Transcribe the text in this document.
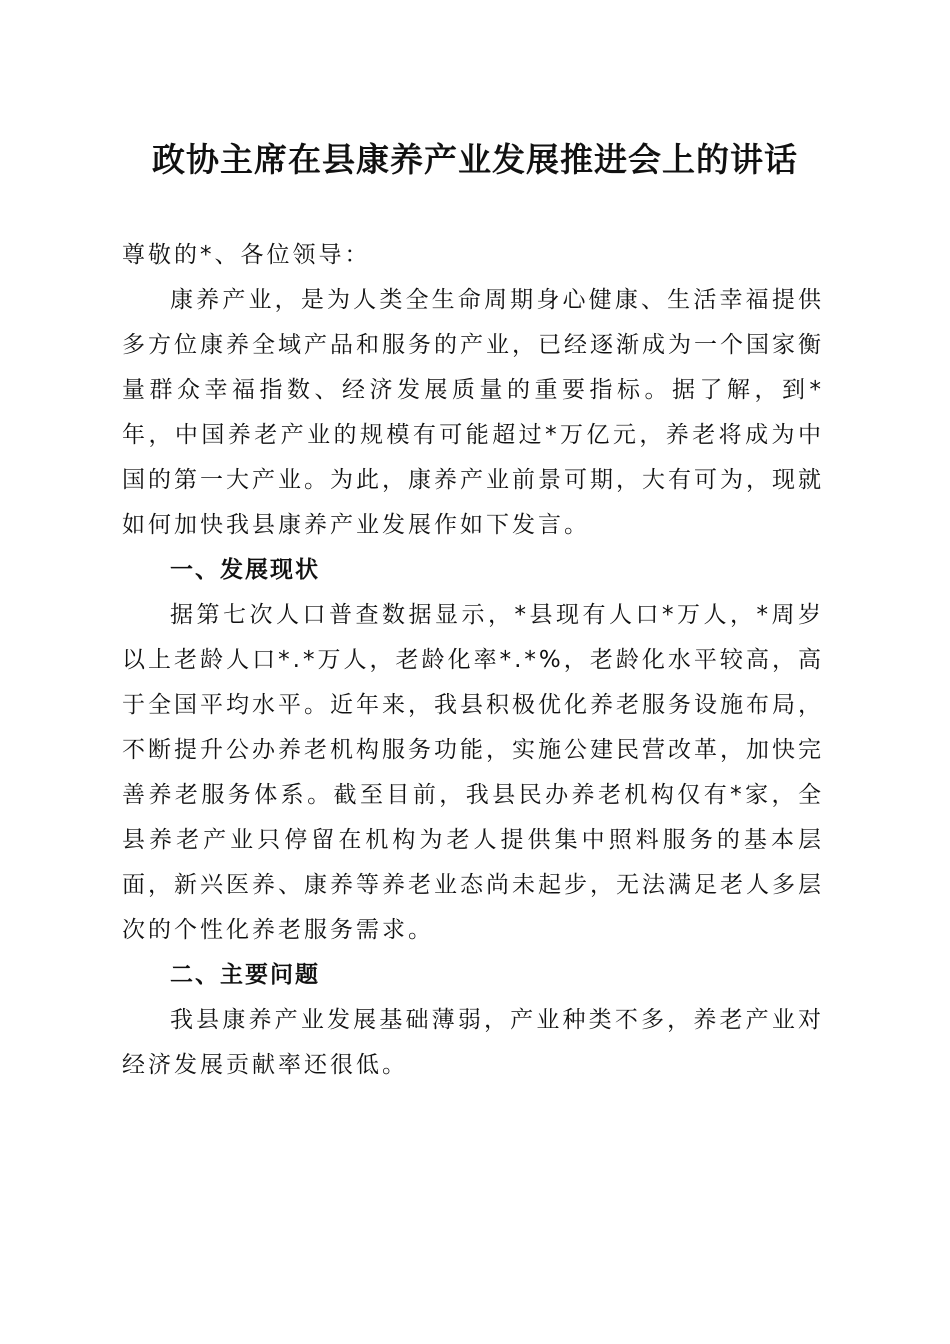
政协主席在县康养产业发展推进会上的讲话

尊敬的*、各位领导：

康养产业，是为人类全生命周期身心健康、生活幸福提供多方位康养全域产品和服务的产业，已经逐渐成为一个国家衡量群众幸福指数、经济发展质量的重要指标。据了解，到*年，中国养老产业的规模有可能超过*万亿元，养老将成为中国的第一大产业。为此，康养产业前景可期，大有可为，现就如何加快我县康养产业发展作如下发言。

一、发展现状

据第七次人口普查数据显示，*县现有人口*万人，*周岁以上老龄人口*.*万人，老龄化率*.*%，老龄化水平较高，高于全国平均水平。近年来，我县积极优化养老服务设施布局，不断提升公办养老机构服务功能，实施公建民营改革，加快完善养老服务体系。截至目前，我县民办养老机构仅有*家，全县养老产业只停留在机构为老人提供集中照料服务的基本层面，新兴医养、康养等养老业态尚未起步，无法满足老人多层次的个性化养老服务需求。

二、主要问题

我县康养产业发展基础薄弱，产业种类不多，养老产业对经济发展贡献率还很低。
